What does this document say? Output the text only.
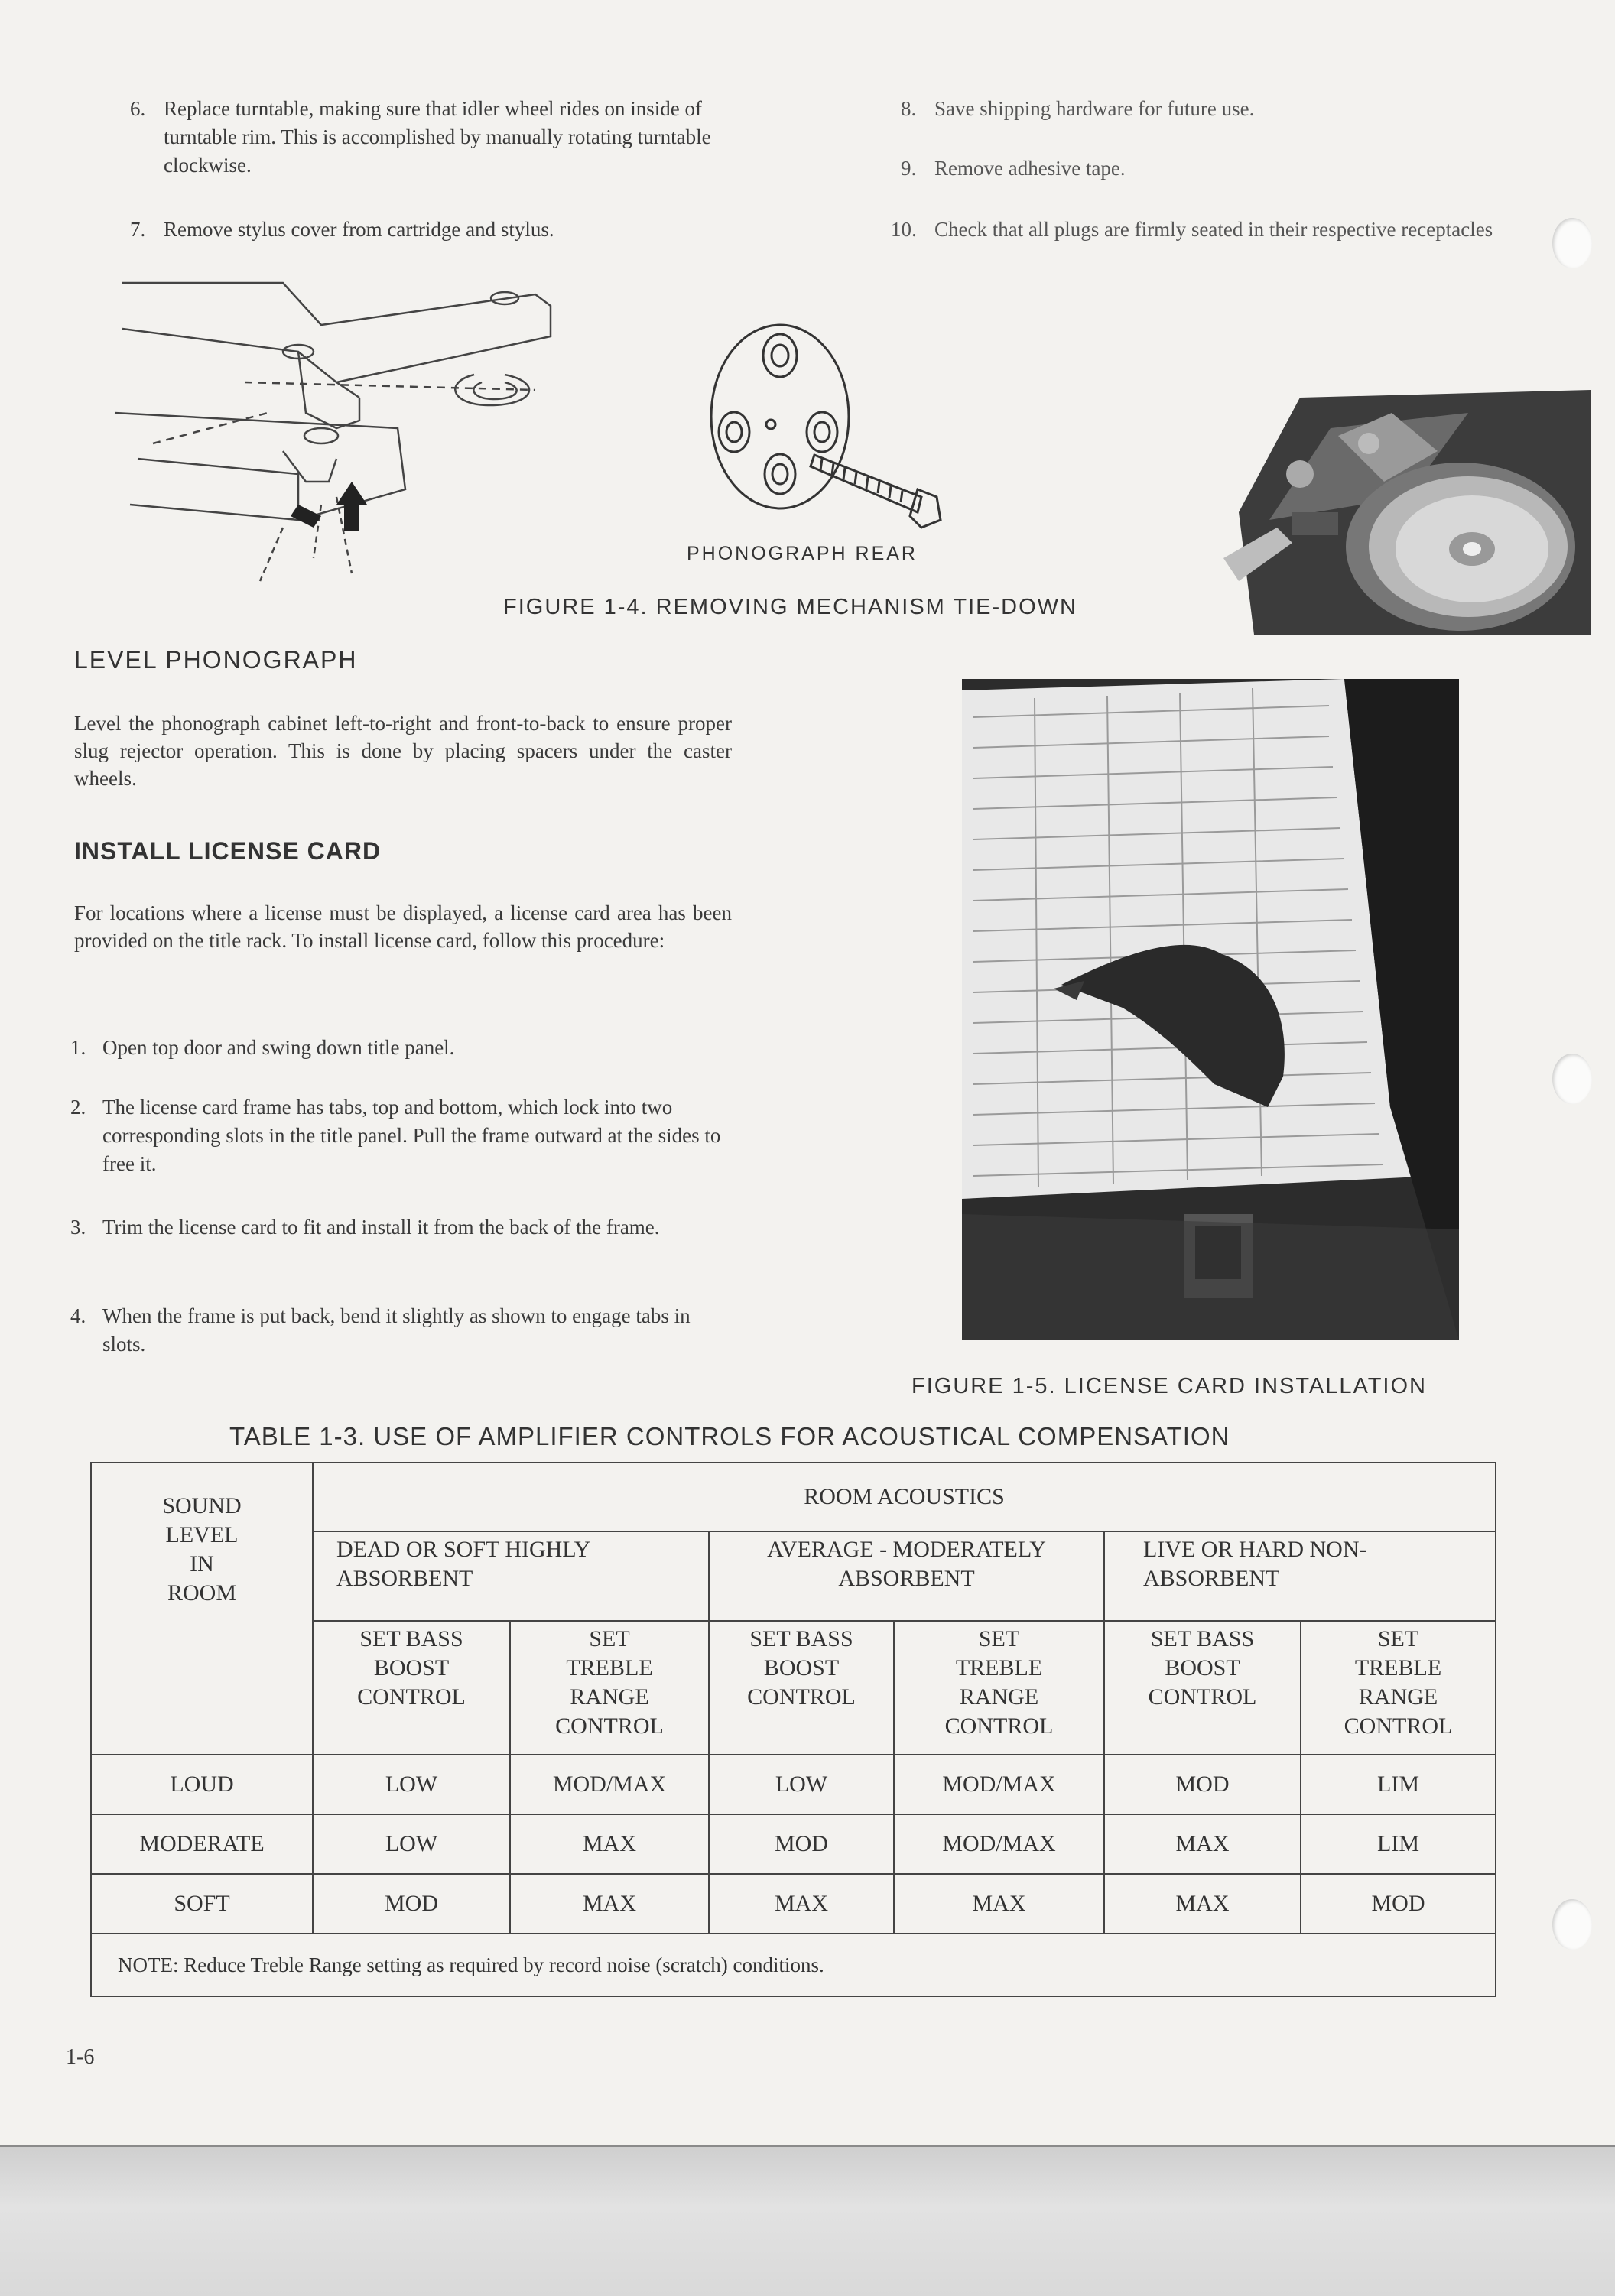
6. Replace turntable, making sure that idler wheel rides on inside of turntable rim. This is accomplished by manually rotating turntable clockwise.
7. Remove stylus cover from cartridge and stylus.
8. Save shipping hardware for future use.
9. Remove adhesive tape.
10. Check that all plugs are firmly seated in their respective receptacles
PHONOGRAPH REAR
FIGURE 1-4. REMOVING MECHANISM TIE-DOWN
LEVEL PHONOGRAPH
Level the phonograph cabinet left-to-right and front-to-back to ensure proper slug rejector operation. This is done by placing spacers under the caster wheels.
INSTALL LICENSE CARD
For locations where a license must be displayed, a license card area has been provided on the title rack. To install license card, follow this procedure:
1. Open top door and swing down title panel.
2. The license card frame has tabs, top and bottom, which lock into two corresponding slots in the title panel. Pull the frame outward at the sides to free it.
3. Trim the license card to fit and install it from the back of the frame.
4. When the frame is put back, bend it slightly as shown to engage tabs in slots.
FIGURE 1-5. LICENSE CARD INSTALLATION
TABLE 1-3. USE OF AMPLIFIER CONTROLS FOR ACOUSTICAL COMPENSATION
SOUND LEVEL IN ROOM	ROOM ACOUSTICS					
	DEAD OR SOFT HIGHLY ABSORBENT		AVERAGE - MODERATELY ABSORBENT		LIVE OR HARD NON-ABSORBENT	

	SET BASS BOOST CONTROL	SET TREBLE RANGE CONTROL	SET BASS BOOST CONTROL	SET TREBLE RANGE CONTROL	SET BASS BOOST CONTROL	SET TREBLE RANGE CONTROL

LOUD	LOW	MOD/MAX	LOW	MOD/MAX	MOD	LIM
MODERATE	LOW	MAX	MOD	MOD/MAX	MAX	LIM
SOFT	MOD	MAX	MAX	MAX	MAX	MOD
NOTE: Reduce Treble Range setting as required by record noise (scratch) conditions.						
1-6
